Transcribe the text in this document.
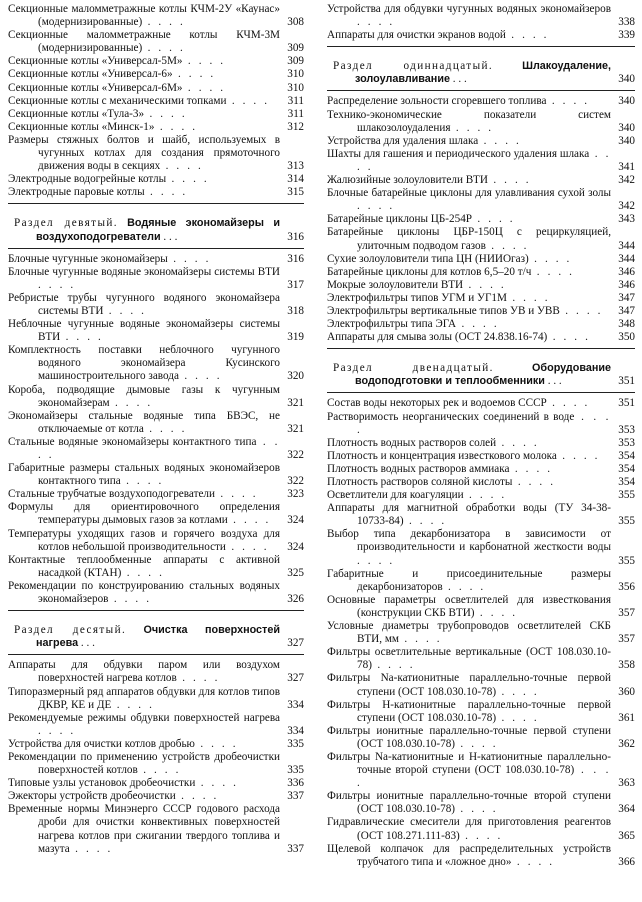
Секционные маломметражные котлы КЧМ-2У «Каунас» (модернизированные) . . . .	308
Секционные маломметражные котлы КЧМ-3М (модернизированные) . . . .	309
Секционные котлы «Универсал-5М» . . . .	309
Секционные котлы «Универсал-6» . . . .	310
Секционные котлы «Универсал-6М» . . . .	310
Секционные котлы с механическими топками . . . . 311
Секционные котлы «Тула-3» . . . .	311
Секционные котлы «Минск-1» . . . .	312
Размеры стяжных болтов и шайб, используемых в чугунных котлах для создания прямоточного движения воды в секциях . . . .	313
Электродные водогрейные котлы . . . .	314
Электродные паровые котлы . . . .	315
Раздел девятый. Водяные экономайзеры и воздухоподогреватели . . .	316
Блочные чугунные экономайзеры . . . .	316
Блочные чугунные водяные экономайзеры системы ВТИ . . . .	317
Ребристые трубы чугунного водяного экономайзера системы ВТИ . . . .	318
Неблочные чугунные водяные экономайзеры системы ВТИ . . . .	319
Комплектность поставки неблочного чугунного водяного экономайзера Кусинского машиностроительного завода . . . .	320
Короба, подводящие дымовые газы к чугунным экономайзерам . . . .	321
Экономайзеры стальные водяные типа БВЭС, не отключаемые от котла . . . .	321
Стальные водяные экономайзеры контактного типа . . . .	322
Габаритные размеры стальных водяных экономайзеров контактного типа . . . .	322
Стальные трубчатые воздухоподогреватели . . . .	323
Формулы для ориентировочного определения температуры дымовых газов за котлами . . . . 324
Температуры уходящих газов и горячего воздуха для котлов небольшой производительности . . . . 324
Контактные теплообменные аппараты с активной насадкой (КТАН) . . . .	325
Рекомендации по конструированию стальных водяных экономайзеров . . . .	326
Раздел десятый. Очистка поверхностей нагрева . . .	327
Аппараты для обдувки паром или воздухом поверхностей нагрева котлов . . . .	327
Типоразмерный ряд аппаратов обдувки для котлов типов ДКВР, КЕ и ДЕ . . . .	334
Рекомендуемые режимы обдувки поверхностей нагрева . . . .	334
Устройства для очистки котлов дробью . . . .	335
Рекомендации по применению устройств дробеочистки поверхностей котлов . . . .	335
Типовые узлы установок дробеочистки . . . .	336
Эжекторы устройств дробеочистки . . . .	337
Временные нормы Минэнерго СССР годового расхода дроби для очистки конвективных поверхностей нагрева котлов при сжигании твердого топлива и мазута . . . .	337
Устройства для обдувки чугунных водяных экономайзеров . . . .	338
Аппараты для очистки экранов водой . . . .	339
Раздел одиннадцатый.	Шлакоудаление, золоулавливание . . .	340
Распределение зольности сгоревшего топлива . . . .	340
Технико-экономические показатели систем шлакозолоудаления . . . .	340
Устройства для удаления шлака . . . .	340
Шахты для гашения и периодического удаления шлака . . . .	341
Жалюзийные золоуловители ВТИ . . . .	342
Блочные батарейные циклоны для улавливания сухой золы . . . .	342
Батарейные циклоны ЦБ-254Р . . . .	343
Батарейные циклоны ЦБР-150Ц с рециркуляцией, улиточным подводом газов . . . .	344
Сухие золоуловители типа ЦН (НИИОгаз) . . . .	344
Батарейные циклоны для котлов 6,5–20 т/ч . . . .	346
Мокрые золоуловители ВТИ . . . .	346
Электрофильтры типов УГМ и УГ1М . . . .	347
Электрофильтры вертикальные типов УВ и УВВ . . . . 347
Электрофильтры типа ЭГА . . . .	348
Аппараты для смыва золы (ОСТ 24.838.16-74) . . . . 350
Раздел двенадцатый.	Оборудование водоподготовки и теплообменники . . .	351
Состав воды некоторых рек и водоемов СССР . . . .	351
Растворимость неорганических соединений в воде . . . .	353
Плотность водных растворов солей . . . .	353
Плотность и концентрация известкового молока . . . . 354
Плотность водных растворов аммиака . . . .	354
Плотность растворов соляной кислоты . . . .	354
Осветлители для коагуляции . . . .	355
Аппараты для магнитной обработки воды (ТУ 34-38-10733-84) . . . .	355
Выбор типа декарбонизатора в зависимости от производительности и карбонатной жесткости воды . . . .	355
Габаритные и присоединительные размеры декарбонизаторов . . . .	356
Основные параметры осветлителей для известкования (конструкции СКБ ВТИ) . . . .	357
Условные диаметры трубопроводов осветлителей СКБ ВТИ, мм . . . .	357
Фильтры осветлительные вертикальные (ОСТ 108.030.10-78) . . . .	358
Фильтры Na-катионитные параллельно-точные первой ступени (ОСТ 108.030.10-78) . . . .	360
Фильтры Н-катионитные параллельно-точные первой ступени (ОСТ 108.030.10-78) . . . .	361
Фильтры ионитные параллельно-точные первой ступени (ОСТ 108.030.10-78) . . . .	362
Фильтры Na-катионитные и Н-катионитные параллельно-точные второй ступени (ОСТ 108.030.10-78) . . . .	363
Фильтры ионитные параллельно-точные второй ступени (ОСТ 108.030.10-78) . . . .	364
Гидравлические смесители для приготовления реагентов (ОСТ 108.271.111-83) . . . .	365
Щелевой колпачок для распределительных устройств трубчатого типа и «ложное дно» . . . .	366
